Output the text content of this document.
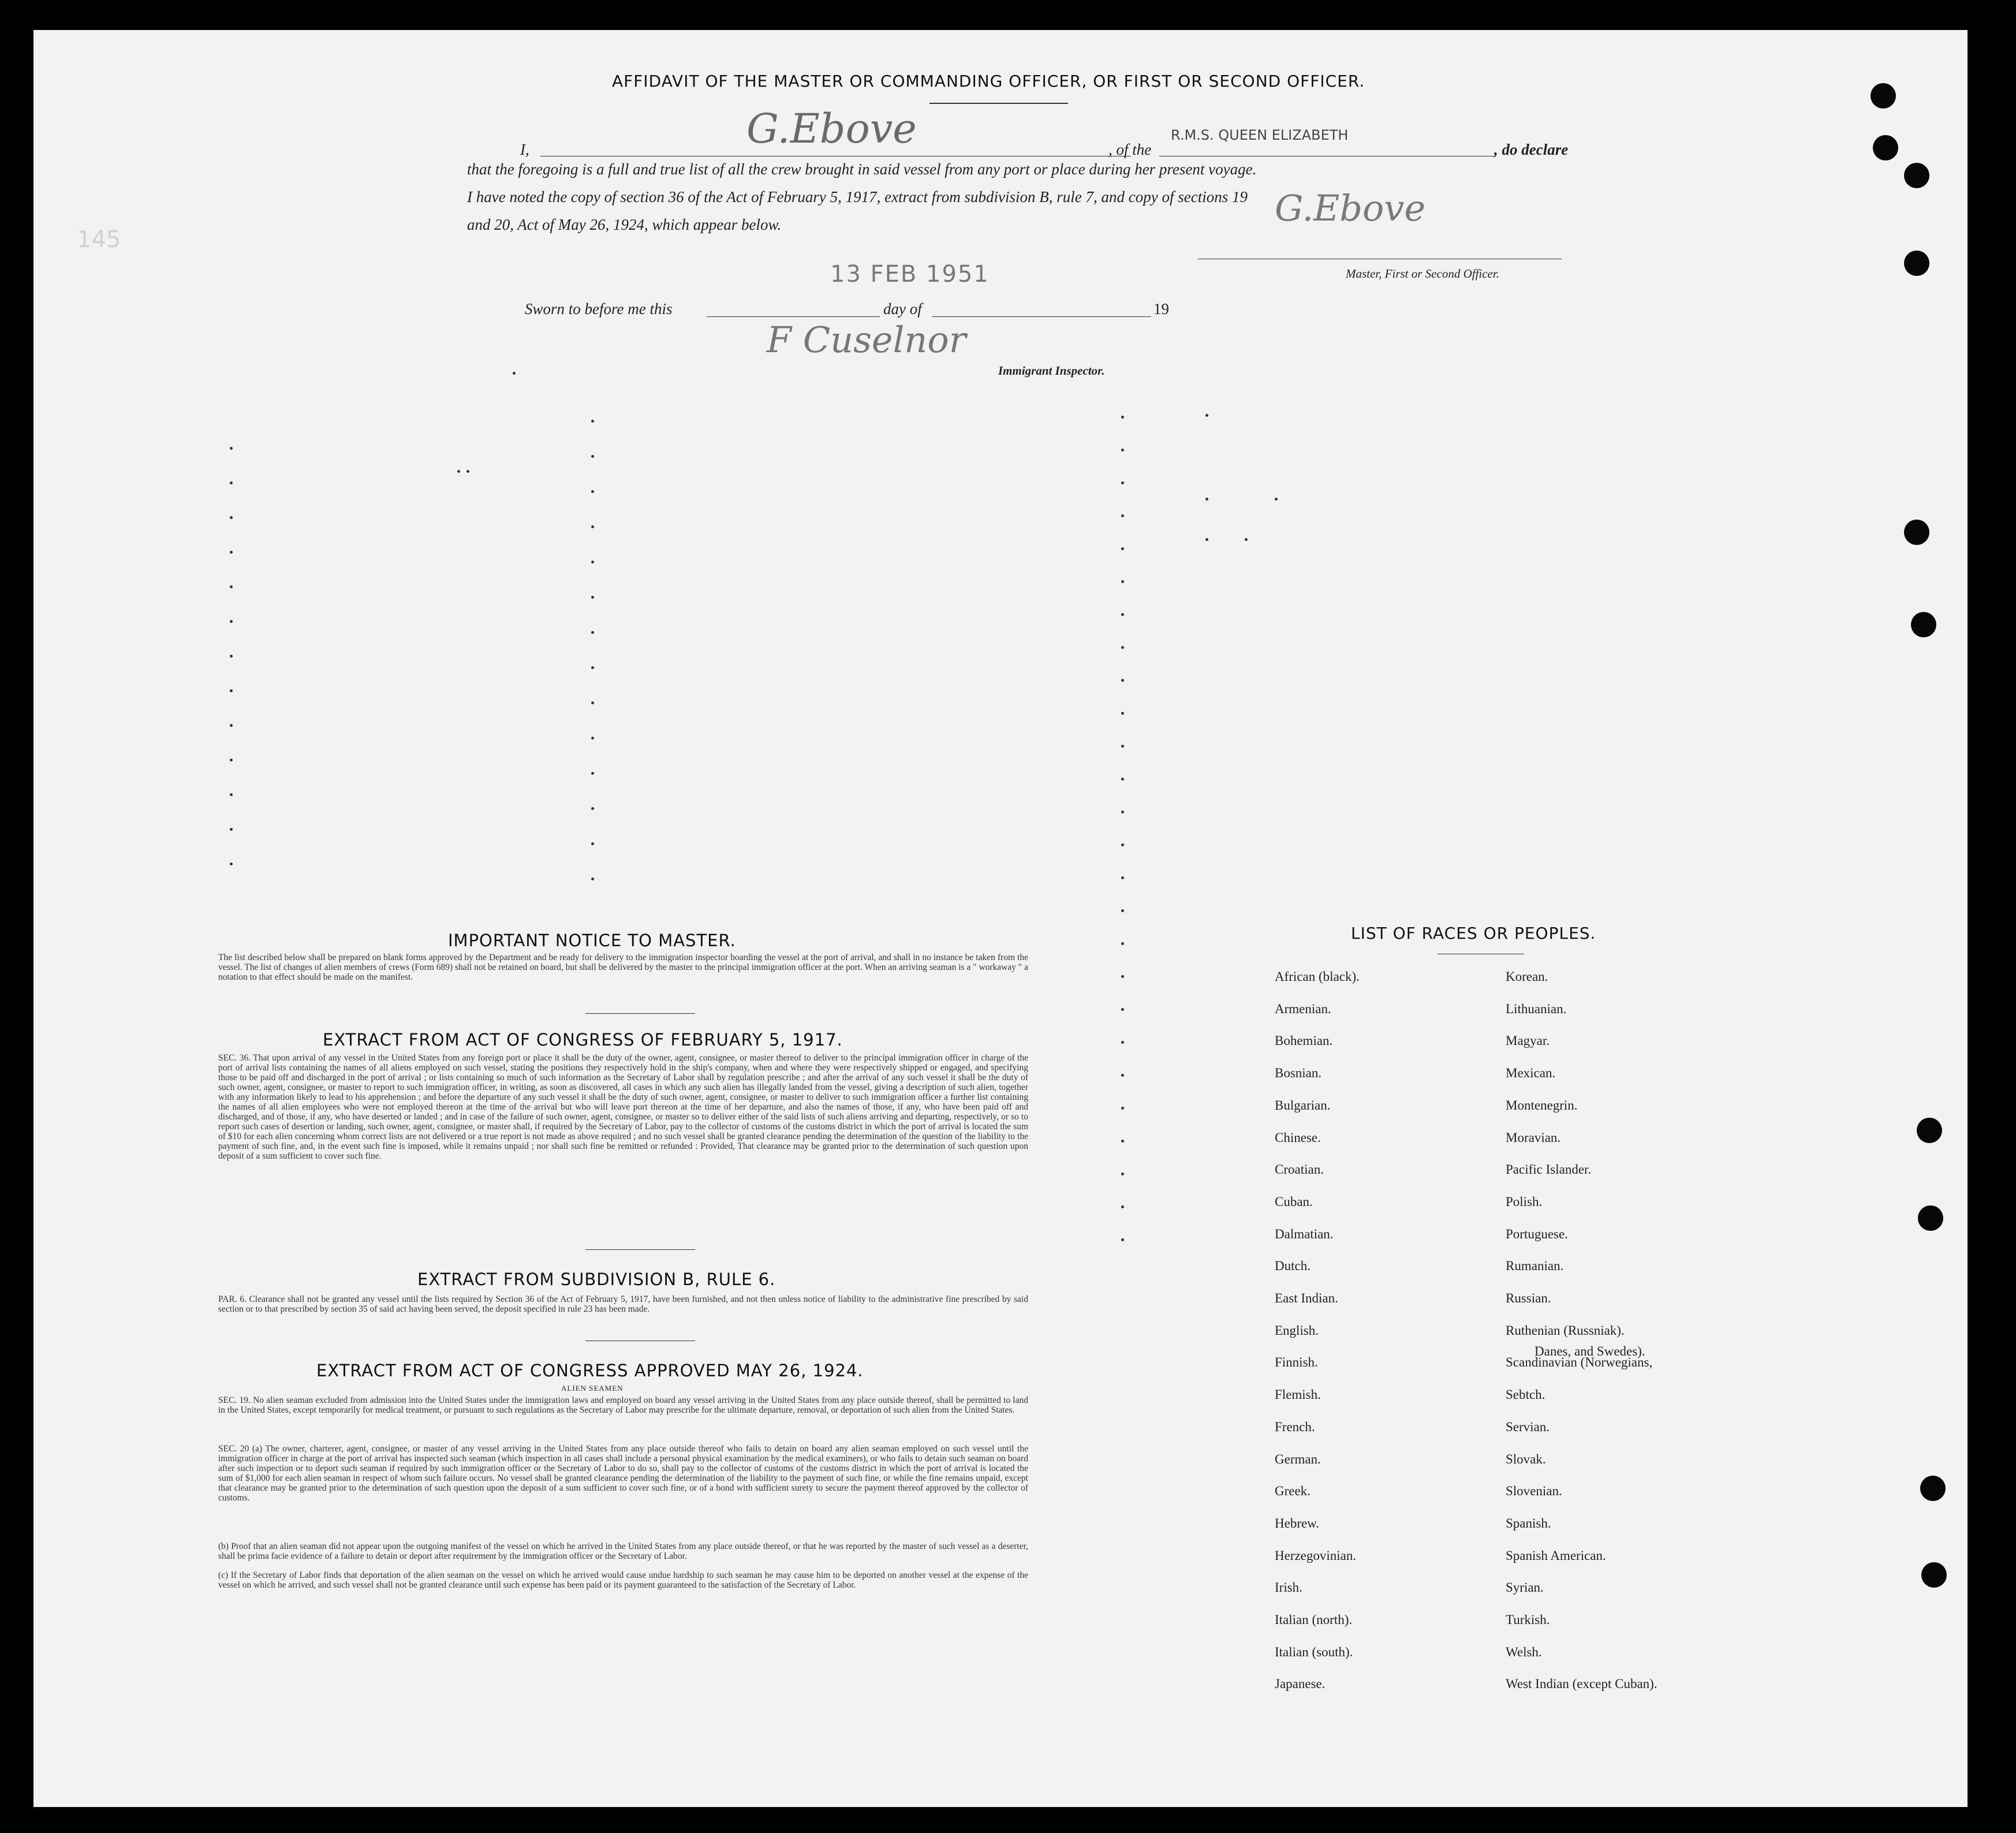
AFFIDAVIT OF THE MASTER OR COMMANDING OFFICER, OR FIRST OR SECOND OFFICER.
I,	G.Ebove	, of the
R.M.S. QUEEN ELIZABETH
, do declare
that the foregoing is a full and true list of all the crew brought in said vessel from any port or place during her present voyage.
I have noted the copy of section 36 of the Act of February 5, 1917, extract from subdivision B, rule 7, and copy of sections 19
and 20, Act of May 26, 1924, which appear below.	G.Ebove
Master, First or Second Officer.
13 FEB 1951
Sworn to before me this	day of	19
F Cuselnor
Immigrant Inspector.
145
IMPORTANT NOTICE TO MASTER.
The list described below shall be prepared on blank forms approved by the Department and be ready for delivery to the immigration inspector boarding the vessel at the port of arrival, and shall in no instance be taken from the vessel. The list of changes of alien members of crews (Form 689) shall not be retained on board, but shall be delivered by the master to the principal immigration officer at the port. When an arriving seaman is a " workaway " a notation to that effect should be made on the manifest.
EXTRACT FROM ACT OF CONGRESS OF FEBRUARY 5, 1917.
SEC. 36. That upon arrival of any vessel in the United States from any foreign port or place it shall be the duty of the owner, agent, consignee, or master thereof to deliver to the principal immigration officer in charge of the port of arrival lists containing the names of all aliens employed on such vessel, stating the positions they respectively hold in the ship's company, when and where they were respectively shipped or engaged, and specifying those to be paid off and discharged in the port of arrival ; or lists containing so much of such information as the Secretary of Labor shall by regulation prescribe ; and after the arrival of any such vessel it shall be the duty of such owner, agent, consignee, or master to report to such immigration officer, in writing, as soon as discovered, all cases in which any such alien has illegally landed from the vessel, giving a description of such alien, together with any information likely to lead to his apprehension ; and before the departure of any such vessel it shall be the duty of such owner, agent, consignee, or master to deliver to such immigration officer a further list containing the names of all alien employees who were not employed thereon at the time of the arrival but who will leave port thereon at the time of her departure, and also the names of those, if any, who have been paid off and discharged, and of those, if any, who have deserted or landed ; and in case of the failure of such owner, agent, consignee, or master so to deliver either of the said lists of such aliens arriving and departing, respectively, or so to report such cases of desertion or landing, such owner, agent, consignee, or master shall, if required by the Secretary of Labor, pay to the collector of customs of the customs district in which the port of arrival is located the sum of $10 for each alien concerning whom correct lists are not delivered or a true report is not made as above required ; and no such vessel shall be granted clearance pending the determination of the question of the liability to the payment of such fine, and, in the event such fine is imposed, while it remains unpaid ; nor shall such fine be remitted or refunded : Provided, That clearance may be granted prior to the determination of such question upon deposit of a sum sufficient to cover such fine.
EXTRACT FROM SUBDIVISION B, RULE 6.
PAR. 6. Clearance shall not be granted any vessel until the lists required by Section 36 of the Act of February 5, 1917, have been furnished, and not then unless notice of liability to the administrative fine prescribed by said section or to that prescribed by section 35 of said act having been served, the deposit specified in rule 23 has been made.
EXTRACT FROM ACT OF CONGRESS APPROVED MAY 26, 1924.
ALIEN SEAMEN
SEC. 19. No alien seaman excluded from admission into the United States under the immigration laws and employed on board any vessel arriving in the United States from any place outside thereof, shall be permitted to land in the United States, except temporarily for medical treatment, or pursuant to such regulations as the Secretary of Labor may prescribe for the ultimate departure, removal, or deportation of such alien from the United States.
SEC. 20 (a) The owner, charterer, agent, consignee, or master of any vessel arriving in the United States from any place outside thereof who fails to detain on board any alien seaman employed on such vessel until the immigration officer in charge at the port of arrival has inspected such seaman (which inspection in all cases shall include a personal physical examination by the medical examiners), or who fails to detain such seaman on board after such inspection or to deport such seaman if required by such immigration officer or the Secretary of Labor to do so, shall pay to the collector of customs of the customs district in which the port of arrival is located the sum of $1,000 for each alien seaman in respect of whom such failure occurs. No vessel shall be granted clearance pending the determination of the liability to the payment of such fine, or while the fine remains unpaid, except that clearance may be granted prior to the determination of such question upon the deposit of a sum sufficient to cover such fine, or of a bond with sufficient surety to secure the payment thereof approved by the collector of customs.
(b) Proof that an alien seaman did not appear upon the outgoing manifest of the vessel on which he arrived in the United States from any place outside thereof, or that he was reported by the master of such vessel as a deserter, shall be prima facie evidence of a failure to detain or deport after requirement by the immigration officer or the Secretary of Labor.
(c) If the Secretary of Labor finds that deportation of the alien seaman on the vessel on which he arrived would cause undue hardship to such seaman he may cause him to be deported on another vessel at the expense of the vessel on which he arrived, and such vessel shall not be granted clearance until such expense has been paid or its payment guaranteed to the satisfaction of the Secretary of Labor.
LIST OF RACES OR PEOPLES.
African (black).
Armenian.
Bohemian.
Bosnian.
Bulgarian.
Chinese.
Croatian.
Cuban.
Dalmatian.
Dutch.
East Indian.
English.
Finnish.
Flemish.
French.
German.
Greek.
Hebrew.
Herzegovinian.
Irish.
Italian (north).
Italian (south).
Japanese.
Korean.
Lithuanian.
Magyar.
Mexican.
Montenegrin.
Moravian.
Pacific Islander.
Polish.
Portuguese.
Rumanian.
Russian.
Ruthenian (Russniak).
Scandinavian (Norwegians,
Sebtch.
Servian.
Slovak.
Slovenian.
Spanish.
Spanish American.
Syrian.
Turkish.
Welsh.
West Indian (except Cuban).
Danes, and Swedes).
